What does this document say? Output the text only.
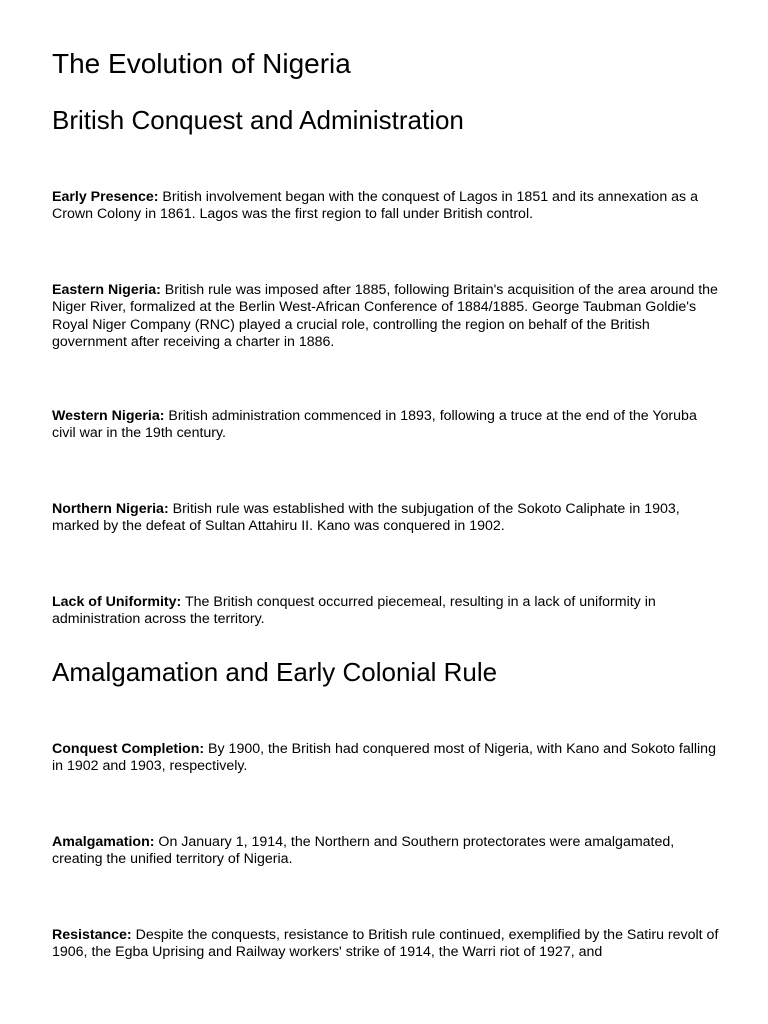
The Evolution of Nigeria
British Conquest and Administration

Early Presence: British involvement began with the conquest of Lagos in 1851 and its annexation as a Crown Colony in 1861. Lagos was the first region to fall under British control.

Eastern Nigeria: British rule was imposed after 1885, following Britain's acquisition of the area around the Niger River, formalized at the Berlin West-African Conference of 1884/1885. George Taubman Goldie's Royal Niger Company (RNC) played a crucial role, controlling the region on behalf of the British government after receiving a charter in 1886.

Western Nigeria: British administration commenced in 1893, following a truce at the end of the Yoruba civil war in the 19th century.

Northern Nigeria: British rule was established with the subjugation of the Sokoto Caliphate in 1903, marked by the defeat of Sultan Attahiru II. Kano was conquered in 1902.

Lack of Uniformity: The British conquest occurred piecemeal, resulting in a lack of uniformity in administration across the territory.

Amalgamation and Early Colonial Rule

Conquest Completion: By 1900, the British had conquered most of Nigeria, with Kano and Sokoto falling in 1902 and 1903, respectively.

Amalgamation: On January 1, 1914, the Northern and Southern protectorates were amalgamated, creating the unified territory of Nigeria.

Resistance: Despite the conquests, resistance to British rule continued, exemplified by the Satiru revolt of 1906, the Egba Uprising and Railway workers' strike of 1914, the Warri riot of 1927, and
